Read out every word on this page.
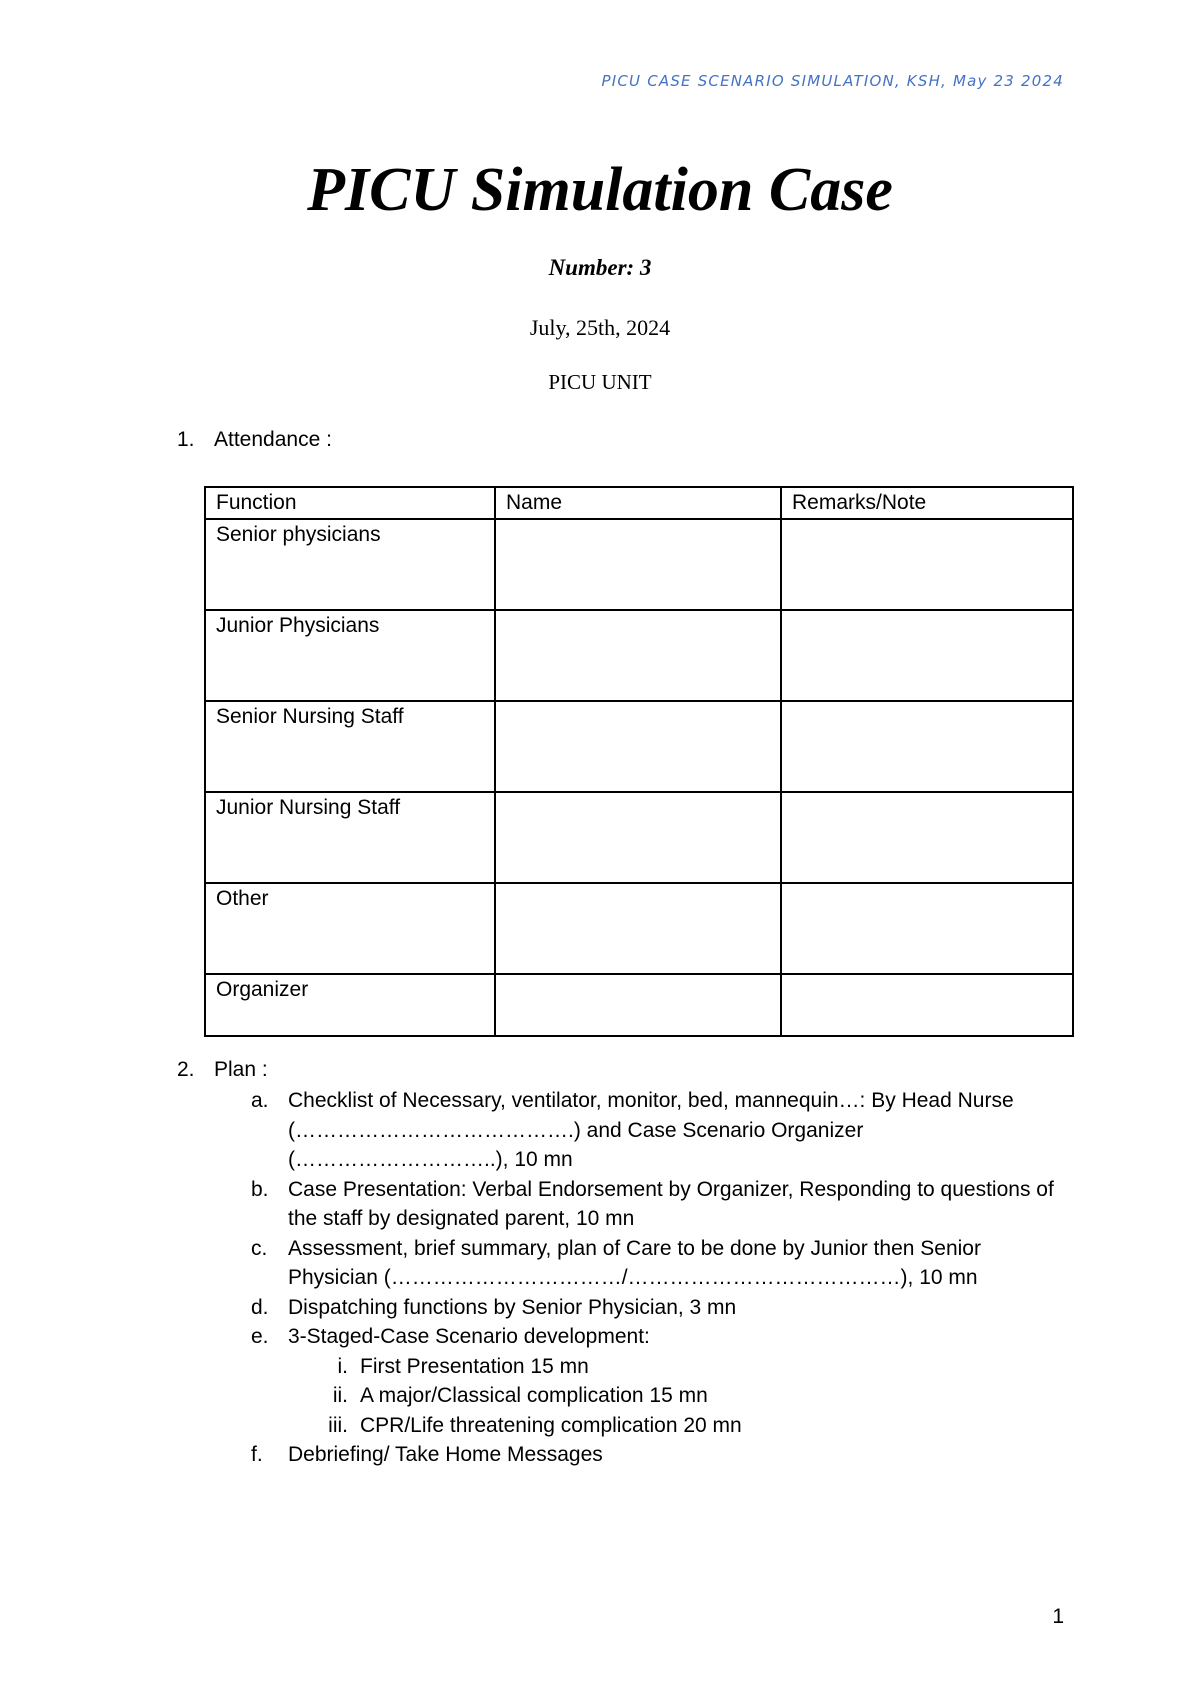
PICU CASE SCENARIO SIMULATION, KSH, May 23 2024
PICU Simulation Case
Number: 3
July, 25th, 2024
PICU UNIT
1. Attendance :
Function	Name	Remarks/Note
Senior physicians		
Junior Physicians		
Senior Nursing Staff		
Junior Nursing Staff		
Other		
Organizer		
2. Plan :
a. Checklist of Necessary, ventilator, monitor, bed, mannequin…: By Head Nurse (………………………………….) and Case Scenario Organizer (………………………..), 10 mn
b. Case Presentation: Verbal Endorsement by Organizer, Responding to questions of the staff by designated parent, 10 mn
c. Assessment, brief summary, plan of Care to be done by Junior then Senior Physician (……………………………/…………………………………), 10 mn
d. Dispatching functions by Senior Physician, 3 mn
e. 3-Staged-Case Scenario development:
i. First Presentation 15 mn
ii. A major/Classical complication 15 mn
iii. CPR/Life threatening complication 20 mn
f. Debriefing/ Take Home Messages
1
